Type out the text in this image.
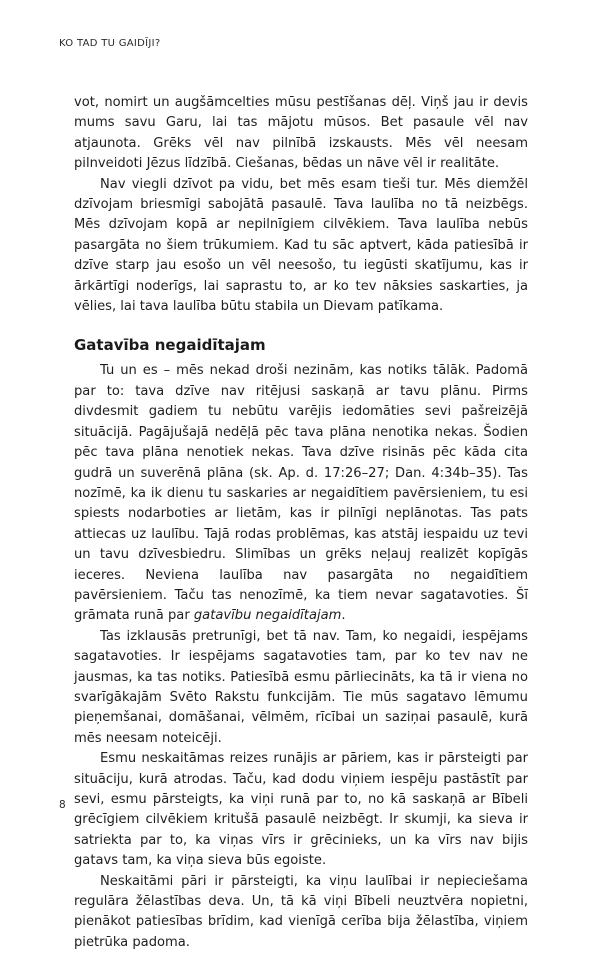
KO TAD TU GAIDĪJI?

vot, nomirt un augšāmcelties mūsu pestīšanas dēļ. Viņš jau ir devis mums savu Garu, lai tas mājotu mūsos. Bet pasaule vēl nav atjaunota. Grēks vēl nav pilnībā izskausts. Mēs vēl neesam pilnveidoti Jēzus līdzībā. Ciešanas, bēdas un nāve vēl ir realitāte.

Nav viegli dzīvot pa vidu, bet mēs esam tieši tur. Mēs diemžēl dzīvojam briesmīgi sabojātā pasaulē. Tava laulība no tā neizbēgs. Mēs dzīvojam kopā ar nepilnīgiem cilvēkiem. Tava laulība nebūs pasargāta no šiem trūkumiem. Kad tu sāc aptvert, kāda patiesībā ir dzīve starp jau esošo un vēl neesošo, tu iegūsti skatījumu, kas ir ārkārtīgi noderīgs, lai saprastu to, ar ko tev nāksies saskarties, ja vēlies, lai tava laulība būtu stabila un Dievam patīkama.

Gatavība negaidītajam

Tu un es – mēs nekad droši nezinām, kas notiks tālāk. Padomā par to: tava dzīve nav ritējusi saskaņā ar tavu plānu. Pirms divdesmit gadiem tu nebūtu varējis iedomāties sevi pašreizējā situācijā. Pagājušajā nedēļā pēc tava plāna nenotika nekas. Šodien pēc tava plāna nenotiek nekas. Tava dzīve risinās pēc kāda cita gudrā un suverēnā plāna (sk. Ap. d. 17:26–27; Dan. 4:34b–35). Tas nozīmē, ka ik dienu tu saskaries ar negaidītiem pavērsieniem, tu esi spiests nodarboties ar lietām, kas ir pilnīgi neplānotas. Tas pats attiecas uz laulību. Tajā rodas problēmas, kas atstāj iespaidu uz tevi un tavu dzīvesbiedru. Slimības un grēks neļauj realizēt kopīgās ieceres. Neviena laulība nav pasargāta no negaidītiem pavērsieniem. Taču tas nenozīmē, ka tiem nevar sagatavoties. Šī grāmata runā par gatavību negaidītajam.

Tas izklausās pretrunīgi, bet tā nav. Tam, ko negaidi, iespējams sagatavoties. Ir iespējams sagatavoties tam, par ko tev nav ne jausmas, ka tas notiks. Patiesībā esmu pārliecināts, ka tā ir viena no svarīgākajām Svēto Rakstu funkcijām. Tie mūs sagatavo lēmumu pieņemšanai, domāšanai, vēlmēm, rīcībai un saziņai pasaulē, kurā mēs neesam noteicēji.

Esmu neskaitāmas reizes runājis ar pāriem, kas ir pārsteigti par situāciju, kurā atrodas. Taču, kad dodu viņiem iespēju pastāstīt par sevi, esmu pārsteigts, ka viņi runā par to, no kā saskaņā ar Bībeli grēcīgiem cilvēkiem kritušā pasaulē neizbēgt. Ir skumji, ka sieva ir satriekta par to, ka viņas vīrs ir grēcinieks, un ka vīrs nav bijis gatavs tam, ka viņa sieva būs egoiste.

Neskaitāmi pāri ir pārsteigti, ka viņu laulībai ir nepieciešama regulāra žēlastības deva. Un, tā kā viņi Bībeli neuztvēra nopietni, pienākot patiesības brīdim, kad vienīgā cerība bija žēlastība, viņiem pietrūka padoma.

8
